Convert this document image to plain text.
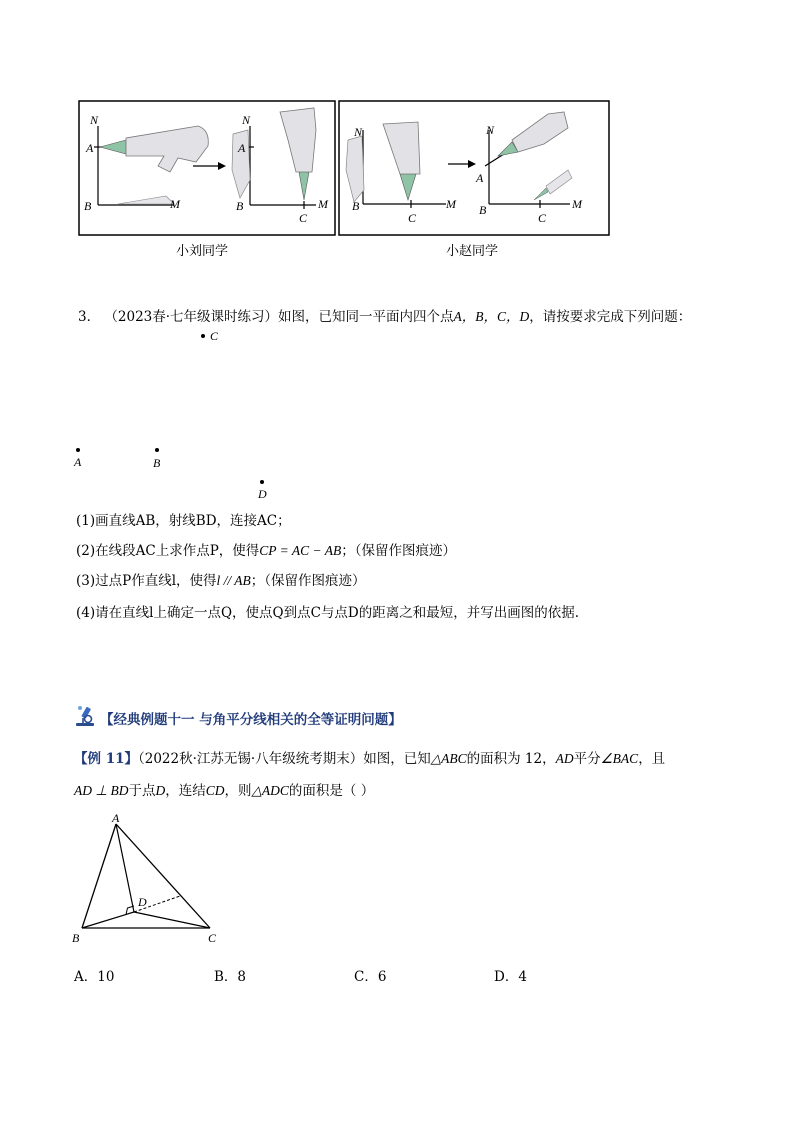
N
A
B	M
N
A
B
C
M
N
B
C
M
N
A
B
C
M
小刘同学	小赵同学
3． （2023春·七年级课时练习）如图，已知同一平面内四个点A，B，C，D，请按要求完成下列问题：
C
A	B
D
(1)画直线AB，射线BD，连接AC；
(2)在线段AC上求作点P，使得CP = AC − AB；（保留作图痕迹）
(3)过点P作直线l，使得l // AB；（保留作图痕迹）
(4)请在直线l上确定一点Q，使点Q到点C与点D的距离之和最短，并写出画图的依据.
【经典例题十一 与角平分线相关的全等证明问题】
【例 11】（2022秋·江苏无锡·八年级统考期末）如图，已知△ABC的面积为 12，AD平分∠BAC，且
AD ⊥ BD于点D，连结CD，则△ADC的面积是（ ）
A
B	C
D
A．10	B．8	C．6	D．4
